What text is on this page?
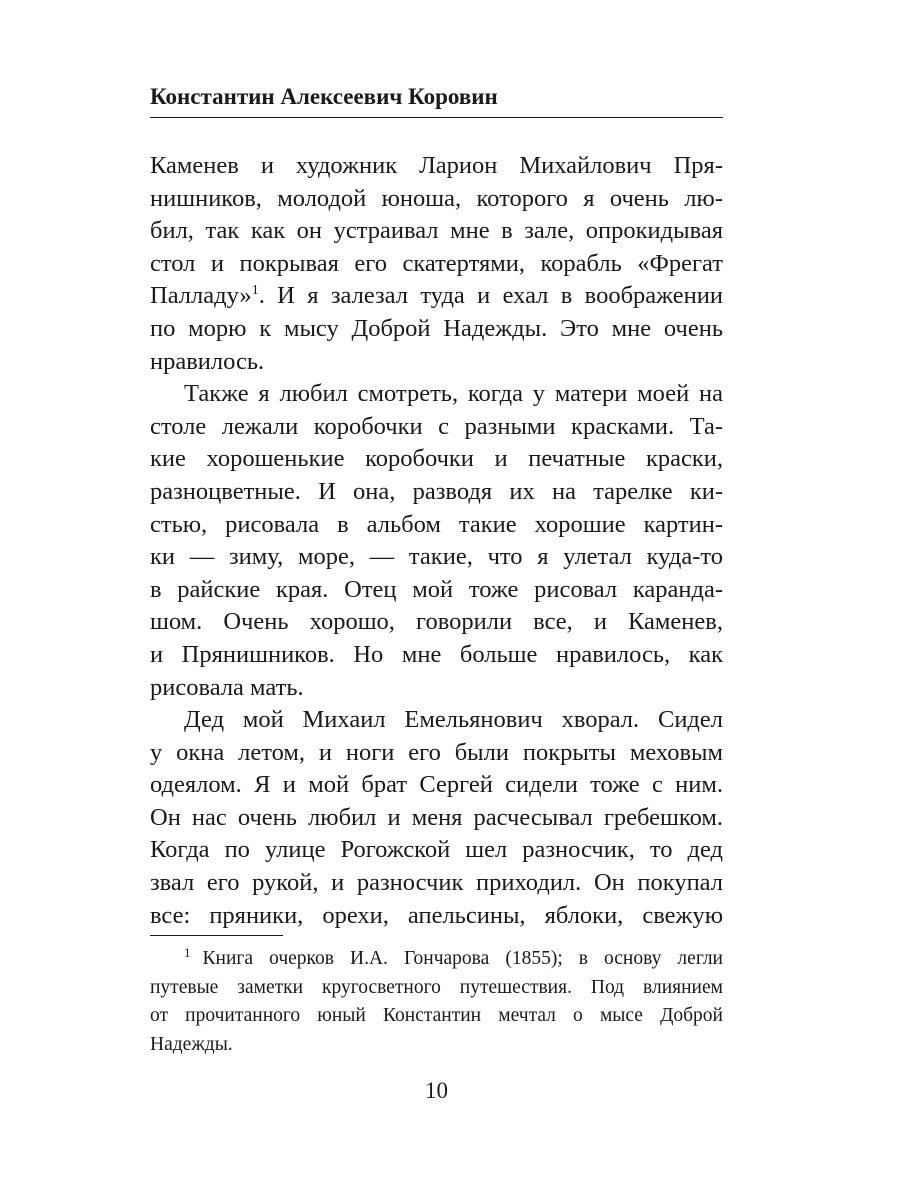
Константин Алексеевич Коровин
Каменев и художник Ларион Михайлович Пря-
нишников, молодой юноша, которого я очень лю-
бил, так как он устраивал мне в зале, опрокидывая
стол и покрывая его скатертями, корабль «Фрегат
Палладу»$^1$. И я залезал туда и ехал в воображении
по морю к мысу Доброй Надежды. Это мне очень
нравилось.
Также я любил смотреть, когда у матери моей на
столе лежали коробочки с разными красками. Та-
кие хорошенькие коробочки и печатные краски,
разноцветные. И она, разводя их на тарелке ки-
стью, рисовала в альбом такие хорошие картин-
ки — зиму, море, — такие, что я улетал куда-то
в райские края. Отец мой тоже рисовал каранда-
шом. Очень хорошо, говорили все, и Каменев,
и Прянишников. Но мне больше нравилось, как
рисовала мать.
Дед мой Михаил Емельянович хворал. Сидел
у окна летом, и ноги его были покрыты меховым
одеялом. Я и мой брат Сергей сидели тоже с ним.
Он нас очень любил и меня расчесывал гребешком.
Когда по улице Рогожской шел разносчик, то дед
звал его рукой, и разносчик приходил. Он покупал
все: пряники, орехи, апельсины, яблоки, свежую
$^1$ Книга очерков И.А. Гончарова (1855); в основу легли
путевые заметки кругосветного путешествия. Под влиянием
от прочитанного юный Константин мечтал о мысе Доброй
Надежды.
10
